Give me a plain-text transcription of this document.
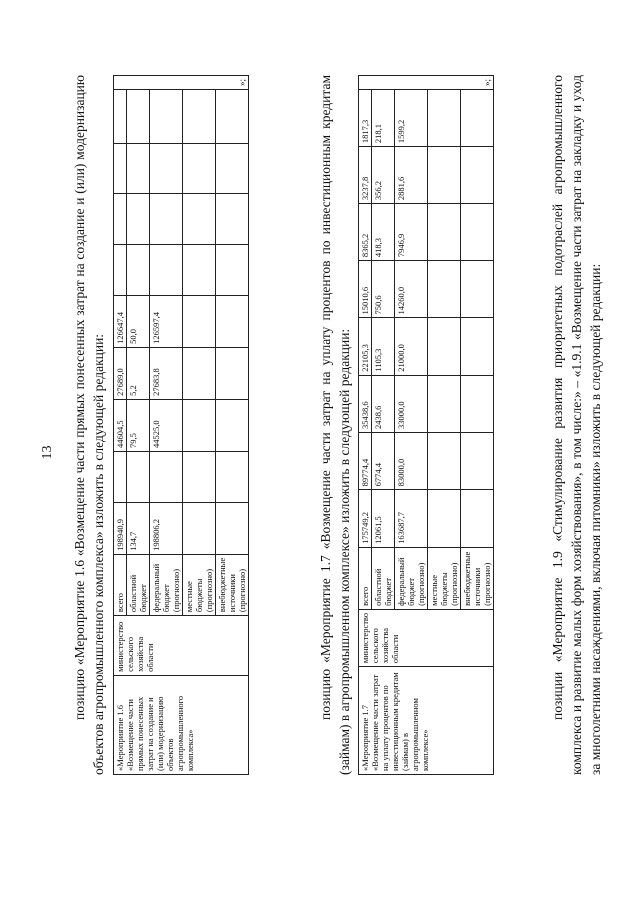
13 позицию «Мероприятие 1.6 «Возмещение части прямых понесенных затрат на создание и (или) модернизацию объектов агропромышленного комплекса» изложить в следующей редакции: «Мероприятие 1.6 «Возмещение части прямых понесенных затрат на создание и (или) модернизацию объектов агропромышленного комплекса»	министерство сельского хозяйства области	всего	198940,9		44604,5	27689,0	126647,4					»;
		областной бюджет	134,7		79,5	5,2	50,0					
		федеральный бюджет (прогнозно)	198806,2		44525,0	27683,8	126597,4					
		местные бюджеты (прогнозно)										
		внебюджетные источники (прогнозно)											позицию «Мероприятие 1.7 «Возмещение части затрат на уплату процентов по инвестиционным кредитам (займам) в агропромышленном комплексе» изложить в следующей редакции: «Мероприятие 1.7 «Возмещение части затрат на уплату процентов по инвестиционным кредитам (займам) в агропромышленном комплексе»	министерство сельского хозяйства области	всего	175749,2	89774,4	35438,6	22105,3	15010,6	8365,2	3237,8	1817,3	»;
		областной бюджет	12061,5	6774,4	2438,6	1105,3	750,6	418,3	356,2	218,1	
		федеральный бюджет (прогнозно)	163687,7	83000,0	33000,0	21000,0	14260,0	7946,9	2881,6	1599,2	
		местные бюджеты (прогнозно)									
		внебюджетные источники (прогнозно)										позиции «Мероприятие 1.9 «Стимулирование развития приоритетных подотраслей агропромышленного комплекса и развитие малых форм хозяйствования», в том числе:» – «1.9.1 «Возмещение части затрат на закладку и уход за многолетними насаждениями, включая питомники» изложить в следующей редакции:
